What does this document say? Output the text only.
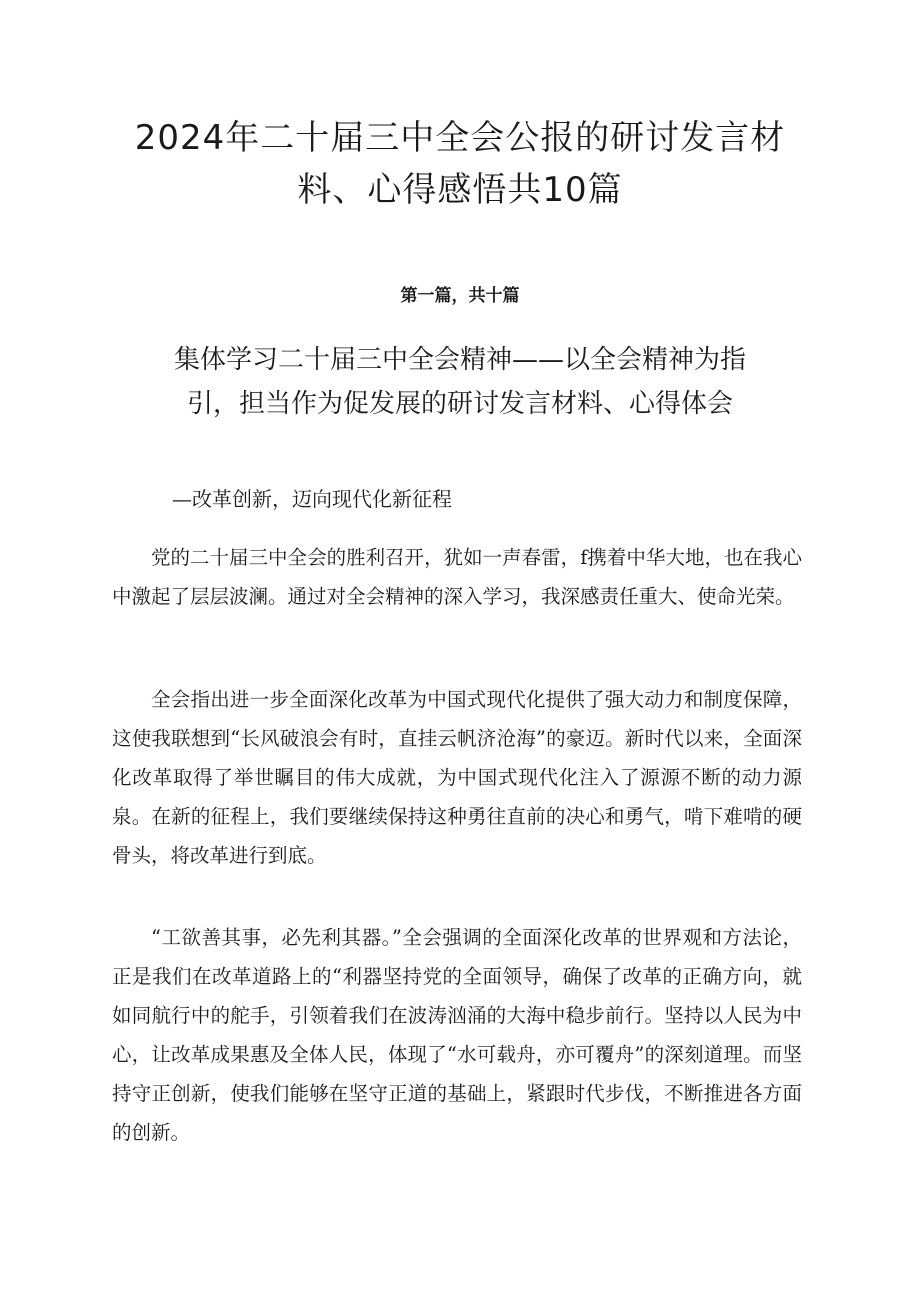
2024年二十届三中全会公报的研讨发言材料、心得感悟共10篇
第一篇，共十篇
集体学习二十届三中全会精神——以全会精神为指引，担当作为促发展的研讨发言材料、心得体会
—改革创新，迈向现代化新征程

党的二十届三中全会的胜利召开，犹如一声春雷，f携着中华大地，也在我心中激起了层层波澜。通过对全会精神的深入学习，我深感责任重大、使命光荣。

全会指出进一步全面深化改革为中国式现代化提供了强大动力和制度保障，这使我联想到“长风破浪会有时，直挂云帆济沧海”的豪迈。新时代以来，全面深化改革取得了举世瞩目的伟大成就，为中国式现代化注入了源源不断的动力源泉。在新的征程上，我们要继续保持这种勇往直前的决心和勇气，啃下难啃的硬骨头，将改革进行到底。

“工欲善其事，必先利其器。”全会强调的全面深化改革的世界观和方法论，正是我们在改革道路上的“利器坚持党的全面领导，确保了改革的正确方向，就如同航行中的舵手，引领着我们在波涛汹涌的大海中稳步前行。坚持以人民为中心，让改革成果惠及全体人民，体现了“水可载舟，亦可覆舟”的深刻道理。而坚持守正创新，使我们能够在坚守正道的基础上，紧跟时代步伐，不断推进各方面的创新。
